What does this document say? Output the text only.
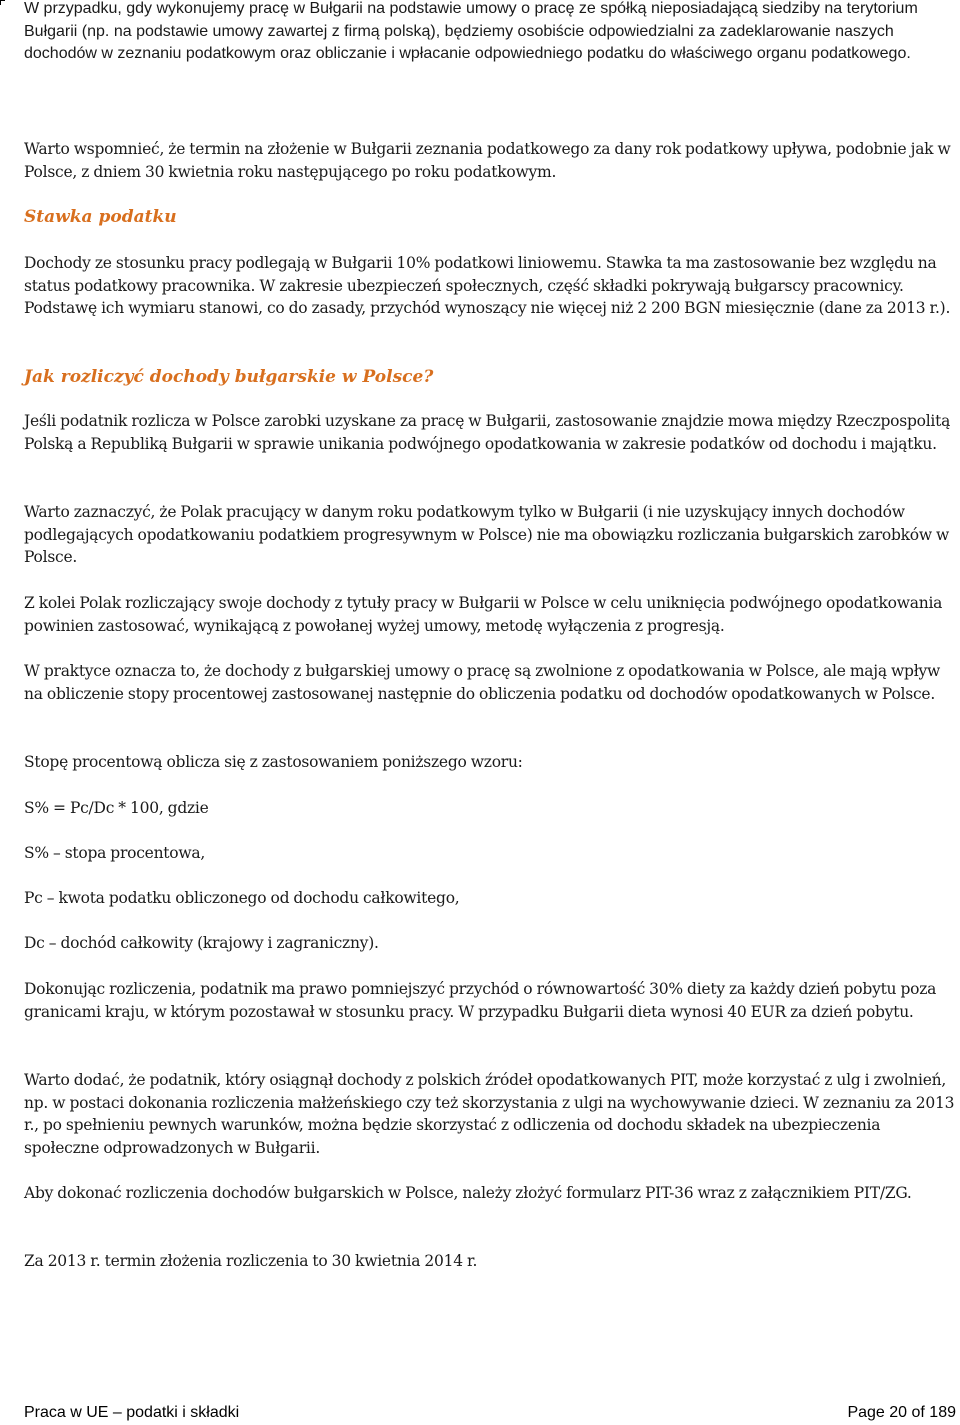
W przypadku, gdy wykonujemy pracę w Bułgarii na podstawie umowy o pracę ze spółką nieposiadającą siedziby na terytorium Bułgarii (np. na podstawie umowy zawartej z firmą polską), będziemy osobiście odpowiedzialni za zadeklarowanie naszych dochodów w zeznaniu podatkowym oraz obliczanie i wpłacanie odpowiedniego podatku do właściwego organu podatkowego.

Warto wspomnieć, że termin na złożenie w Bułgarii zeznania podatkowego za dany rok podatkowy upływa, podobnie jak w Polsce, z dniem 30 kwietnia roku następującego po roku podatkowym.

Stawka podatku

Dochody ze stosunku pracy podlegają w Bułgarii 10% podatkowi liniowemu. Stawka ta ma zastosowanie bez względu na status podatkowy pracownika. W zakresie ubezpieczeń społecznych, część składki pokrywają bułgarscy pracownicy. Podstawę ich wymiaru stanowi, co do zasady, przychód wynoszący nie więcej niż 2 200 BGN miesięcznie (dane za 2013 r.).

Jak rozliczyć dochody bułgarskie w Polsce?

Jeśli podatnik rozlicza w Polsce zarobki uzyskane za pracę w Bułgarii, zastosowanie znajdzie mowa między Rzeczpospolitą Polską a Republiką Bułgarii w sprawie unikania podwójnego opodatkowania w zakresie podatków od dochodu i majątku.

Warto zaznaczyć, że Polak pracujący w danym roku podatkowym tylko w Bułgarii (i nie uzyskujący innych dochodów podlegających opodatkowaniu podatkiem progresywnym w Polsce) nie ma obowiązku rozliczania bułgarskich zarobków w Polsce.

Z kolei Polak rozliczający swoje dochody z tytuły pracy w Bułgarii w Polsce w celu uniknięcia podwójnego opodatkowania powinien zastosować, wynikającą z powołanej wyżej umowy, metodę wyłączenia z progresją.

W praktyce oznacza to, że dochody z bułgarskiej umowy o pracę są zwolnione z opodatkowania w Polsce, ale mają wpływ na obliczenie stopy procentowej zastosowanej następnie do obliczenia podatku od dochodów opodatkowanych w Polsce.

Stopę procentową oblicza się z zastosowaniem poniższego wzoru:

S% = Pc/Dc * 100, gdzie

S% – stopa procentowa,

Pc – kwota podatku obliczonego od dochodu całkowitego,

Dc – dochód całkowity (krajowy i zagraniczny).

Dokonując rozliczenia, podatnik ma prawo pomniejszyć przychód o równowartość 30% diety za każdy dzień pobytu poza granicami kraju, w którym pozostawał w stosunku pracy. W przypadku Bułgarii dieta wynosi 40 EUR za dzień pobytu.

Warto dodać, że podatnik, który osiągnął dochody z polskich źródeł opodatkowanych PIT, może korzystać z ulg i zwolnień, np. w postaci dokonania rozliczenia małżeńskiego czy też skorzystania z ulgi na wychowywanie dzieci. W zeznaniu za 2013 r., po spełnieniu pewnych warunków, można będzie skorzystać z odliczenia od dochodu składek na ubezpieczenia społeczne odprowadzonych w Bułgarii.

Aby dokonać rozliczenia dochodów bułgarskich w Polsce, należy złożyć formularz PIT-36 wraz z załącznikiem PIT/ZG.

Za 2013 r. termin złożenia rozliczenia to 30 kwietnia 2014 r.

Praca w UE – podatki i składki	Page 20 of 189
